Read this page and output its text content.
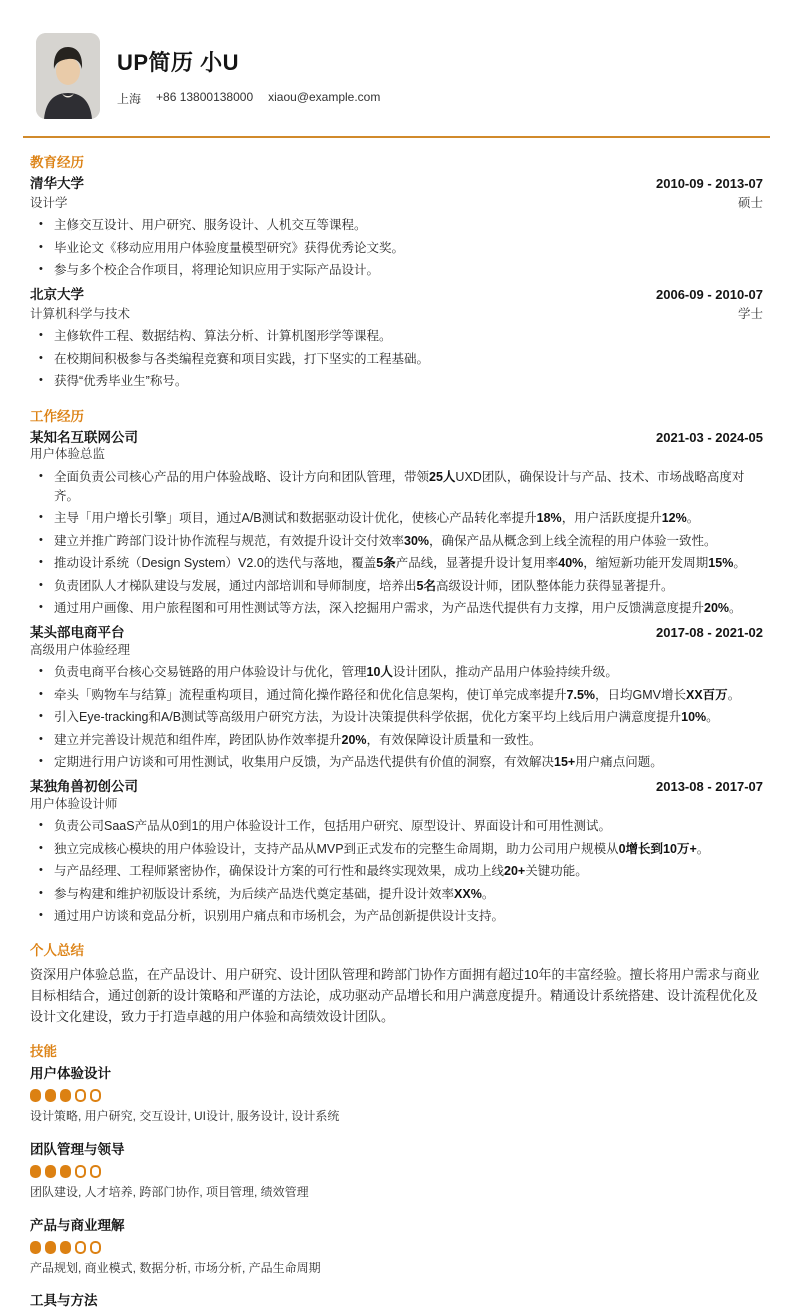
UP简历 小U
上海 +86 13800138000 xiaou@example.com
教育经历
清华大学	2010-09 - 2013-07
设计学	硕士
• 主修交互设计、用户研究、服务设计、人机交互等课程。
• 毕业论文《移动应用用户体验度量模型研究》获得优秀论文奖。
• 参与多个校企合作项目，将理论知识应用于实际产品设计。
北京大学	2006-09 - 2010-07
计算机科学与技术	学士
• 主修软件工程、数据结构、算法分析、计算机图形学等课程。
• 在校期间积极参与各类编程竞赛和项目实践，打下坚实的工程基础。
• 获得“优秀毕业生”称号。
工作经历
某知名互联网公司	2021-03 - 2024-05
用户体验总监
• 全面负责公司核心产品的用户体验战略、设计方向和团队管理，带领25人UXD团队，确保设计与产品、技术、市场战略高度对齐。
• 主导「用户增长引擎」项目，通过A/B测试和数据驱动设计优化，使核心产品转化率提升18%，用户活跃度提升12%。
• 建立并推广跨部门设计协作流程与规范，有效提升设计交付效率30%，确保产品从概念到上线全流程的用户体验一致性。
• 推动设计系统（Design System）V2.0的迭代与落地，覆盖5条产品线，显著提升设计复用率40%，缩短新功能开发周期15%。
• 负责团队人才梯队建设与发展，通过内部培训和导师制度，培养出5名高级设计师，团队整体能力获得显著提升。
• 通过用户画像、用户旅程图和可用性测试等方法，深入挖掘用户需求，为产品迭代提供有力支撑，用户反馈满意度提升20%。
某头部电商平台	2017-08 - 2021-02
高级用户体验经理
• 负责电商平台核心交易链路的用户体验设计与优化，管理10人设计团队，推动产品用户体验持续升级。
• 牵头「购物车与结算」流程重构项目，通过简化操作路径和优化信息架构，使订单完成率提升7.5%，日均GMV增长XX百万。
• 引入Eye-tracking和A/B测试等高级用户研究方法，为设计决策提供科学依据，优化方案平均上线后用户满意度提升10%。
• 建立并完善设计规范和组件库，跨团队协作效率提升20%，有效保障设计质量和一致性。
• 定期进行用户访谈和可用性测试，收集用户反馈，为产品迭代提供有价值的洞察，有效解决15+用户痛点问题。
某独角兽初创公司	2013-08 - 2017-07
用户体验设计师
• 负责公司SaaS产品从0到1的用户体验设计工作，包括用户研究、原型设计、界面设计和可用性测试。
• 独立完成核心模块的用户体验设计，支持产品从MVP到正式发布的完整生命周期，助力公司用户规模从0增长到10万+。
• 与产品经理、工程师紧密协作，确保设计方案的可行性和最终实现效果，成功上线20+关键功能。
• 参与构建和维护初版设计系统，为后续产品迭代奠定基础，提升设计效率XX%。
• 通过用户访谈和竞品分析，识别用户痛点和市场机会，为产品创新提供设计支持。
个人总结

资深用户体验总监，在产品设计、用户研究、设计团队管理和跨部门协作方面拥有超过10年的丰富经验。擅长将用户需求与商业目标相结合，通过创新的设计策略和严谨的方法论，成功驱动产品增长和用户满意度提升。精通设计系统搭建、设计流程优化及设计文化建设，致力于打造卓越的用户体验和高绩效设计团队。

技能
用户体验设计
设计策略, 用户研究, 交互设计, UI设计, 服务设计, 设计系统
团队管理与领导
团队建设, 人才培养, 跨部门协作, 项目管理, 绩效管理
产品与商业理解
产品规划, 商业模式, 数据分析, 市场分析, 产品生命周期
工具与方法
